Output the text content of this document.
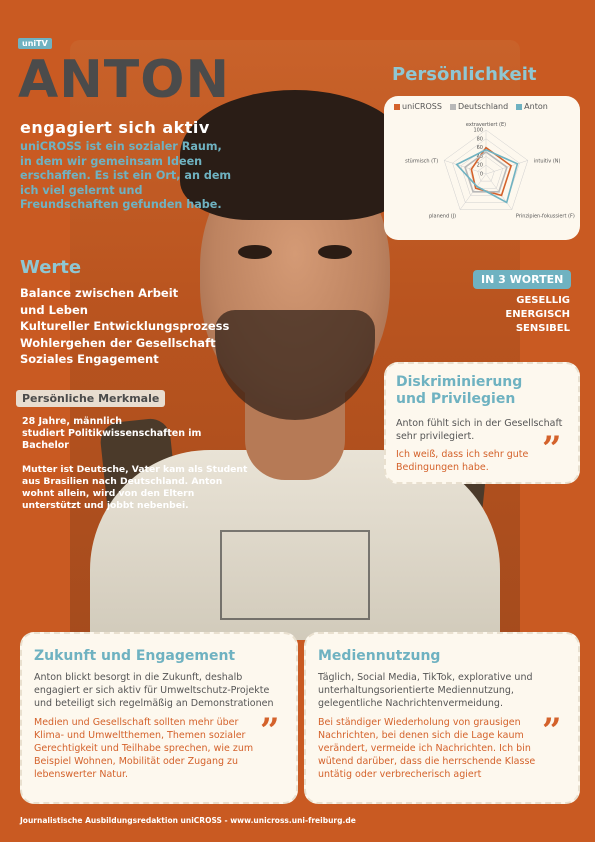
uniTV
ANTON
engagiert sich aktiv
uniCROSS ist ein sozialer Raum, in dem wir gemeinsam Ideen erschaffen. Es ist ein Ort, an dem ich viel gelernt und Freundschaften gefunden habe.
Werte
Balance zwischen Arbeit
und Leben
Kultureller Entwicklungsprozess
Wohlergehen der Gesellschaft
Soziales Engagement
Persönliche Merkmale
28 Jahre, männlich
studiert Politikwissenschaften im Bachelor
Mutter ist Deutsche, Vater kam als Student aus Brasilien nach Deutschland. Anton wohnt allein, wird von den Eltern unterstützt und jobbt nebenbei.
Persönlichkeit
uniCROSS	Deutschland	Anton
0
20
40
60
80
100
extravertiert (E)
intuitiv (N)
Prinzipien-fokussiert (F)
planend (J)
stürmisch (T)
IN 3 WORTEN
GESELLIG
ENERGISCH
SENSIBEL
Diskriminierung und Privilegien

Anton fühlt sich in der Gesellschaft sehr privilegiert.

Ich weiß, dass ich sehr gute Bedingungen habe.	”
Zukunft und Engagement

Anton blickt besorgt in die Zukunft, deshalb engagiert er sich aktiv für Umweltschutz-Projekte und beteiligt sich regelmäßig an Demonstrationen

Medien und Gesellschaft sollten mehr über Klima- und Umweltthemen, Themen sozialer Gerechtigkeit und Teilhabe sprechen, wie zum Beispiel Wohnen, Mobilität oder Zugang zu lebenswerter Natur.

”
Mediennutzung

Täglich, Social Media, TikTok, explorative und unterhaltungsorientierte Mediennutzung, gelegentliche Nachrichtenvermeidung.

Bei ständiger Wiederholung von grausigen Nachrichten, bei denen sich die Lage kaum verändert, vermeide ich Nachrichten. Ich bin wütend darüber, dass die herrschende Klasse untätig oder verbrecherisch agiert

”
Journalistische Ausbildungsredaktion uniCROSS - www.unicross.uni-freiburg.de
